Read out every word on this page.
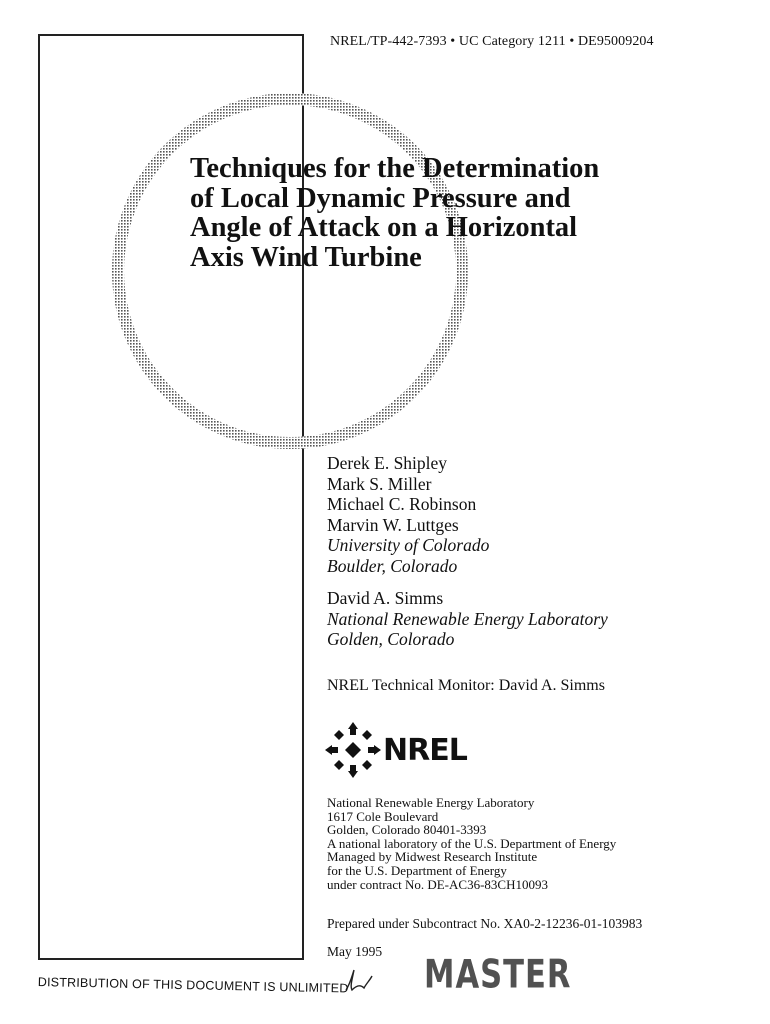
NREL/TP-442-7393 • UC Category 1211 • DE95009204
Techniques for the Determination
of Local Dynamic Pressure and
Angle of Attack on a Horizontal
Axis Wind Turbine
Derek E. Shipley
Mark S. Miller
Michael C. Robinson
Marvin W. Luttges
University of Colorado
Boulder, Colorado
David A. Simms
National Renewable Energy Laboratory
Golden, Colorado
NREL Technical Monitor: David A. Simms
NREL
National Renewable Energy Laboratory
1617 Cole Boulevard
Golden, Colorado 80401-3393
A national laboratory of the U.S. Department of Energy
Managed by Midwest Research Institute
for the U.S. Department of Energy
under contract No. DE-AC36-83CH10093
Prepared under Subcontract No. XA0-2-12236-01-103983
May 1995
MASTER
DISTRIBUTION OF THIS DOCUMENT IS UNLIMITED
